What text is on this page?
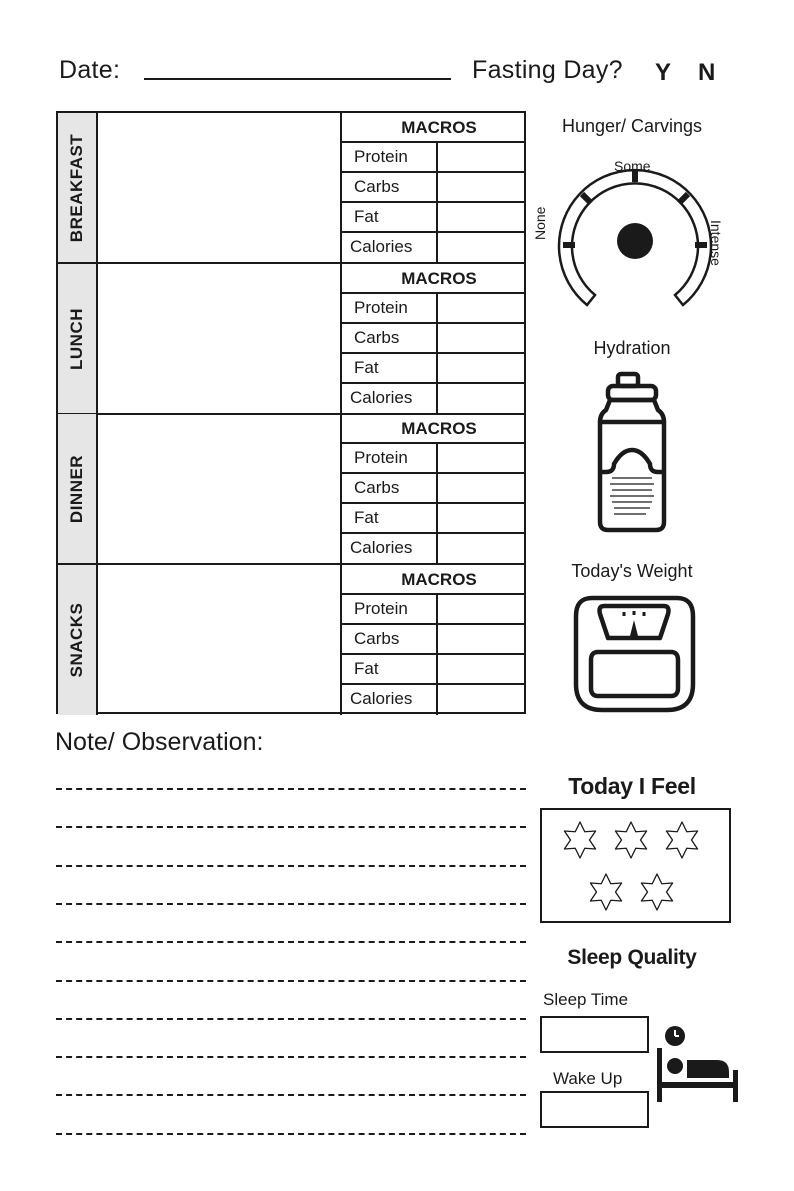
Date:	Fasting Day? Y N
BREAKFAST
MACROS
Protein
Carbs
Fat
Calories
LUNCH
MACROS
Protein
Carbs
Fat
Calories
DINNER
MACROS
Protein
Carbs
Fat
Calories
SNACKS
MACROS
Protein
Carbs
Fat
Calories
Hunger/ Carvings
Some
None	Intense
Hydration
Today's Weight
Note/ Observation:
Today I Feel
Sleep Quality
Sleep Time
Wake Up
